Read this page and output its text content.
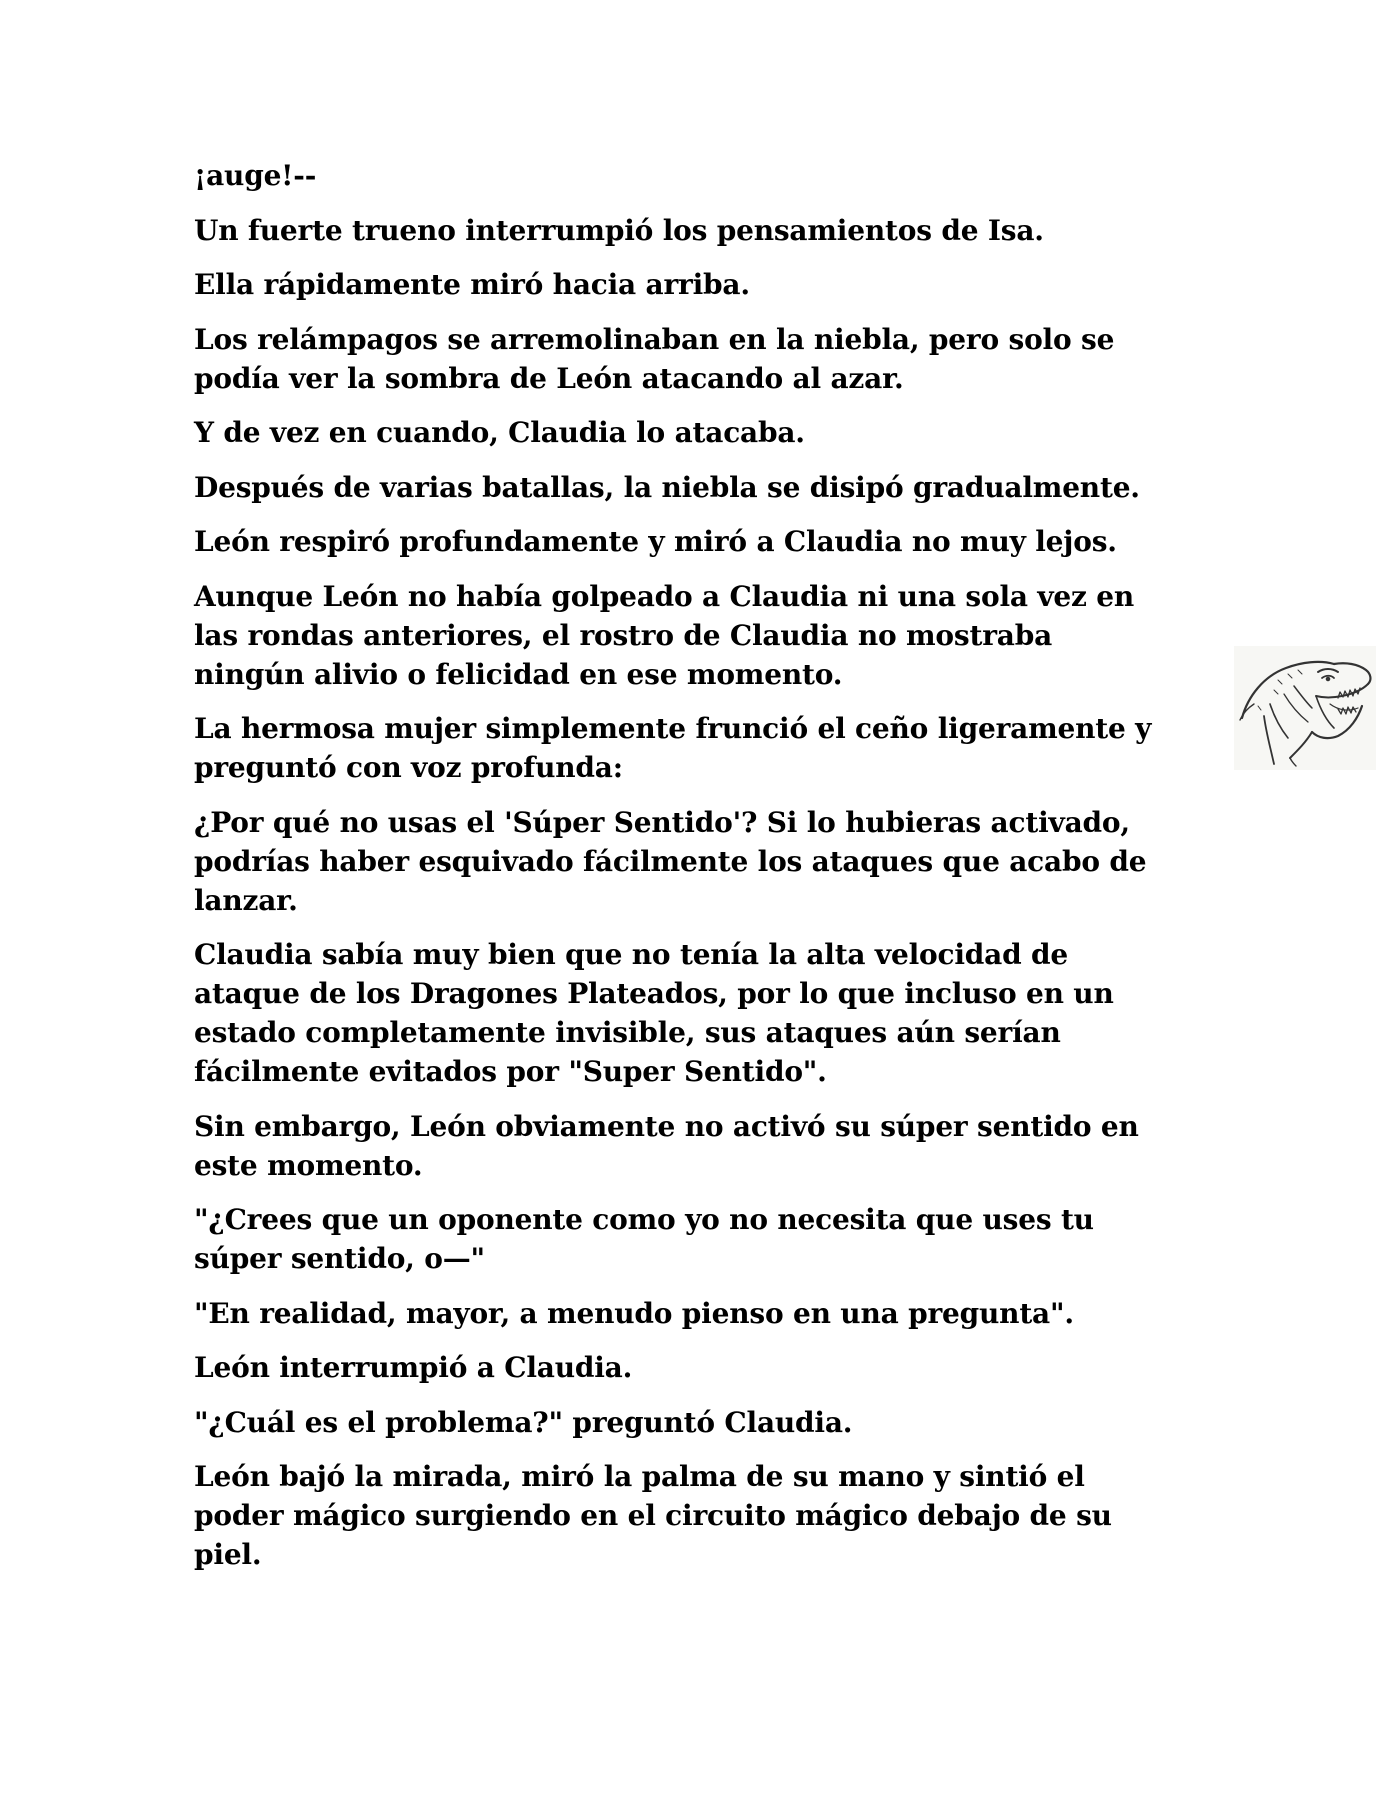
¡auge!--

Un fuerte trueno interrumpió los pensamientos de Isa.

Ella rápidamente miró hacia arriba.

Los relámpagos se arremolinaban en la niebla, pero solo se
podía ver la sombra de León atacando al azar.

Y de vez en cuando, Claudia lo atacaba.

Después de varias batallas, la niebla se disipó gradualmente.

León respiró profundamente y miró a Claudia no muy lejos.

Aunque León no había golpeado a Claudia ni una sola vez en
las rondas anteriores, el rostro de Claudia no mostraba
ningún alivio o felicidad en ese momento.

La hermosa mujer simplemente frunció el ceño ligeramente y
preguntó con voz profunda:

¿Por qué no usas el 'Súper Sentido'? Si lo hubieras activado,
podrías haber esquivado fácilmente los ataques que acabo de
lanzar.

Claudia sabía muy bien que no tenía la alta velocidad de
ataque de los Dragones Plateados, por lo que incluso en un
estado completamente invisible, sus ataques aún serían
fácilmente evitados por "Super Sentido".

Sin embargo, León obviamente no activó su súper sentido en
este momento.

"¿Crees que un oponente como yo no necesita que uses tu
súper sentido, o—"

"En realidad, mayor, a menudo pienso en una pregunta".

León interrumpió a Claudia.

"¿Cuál es el problema?" preguntó Claudia.

León bajó la mirada, miró la palma de su mano y sintió el
poder mágico surgiendo en el circuito mágico debajo de su
piel.
